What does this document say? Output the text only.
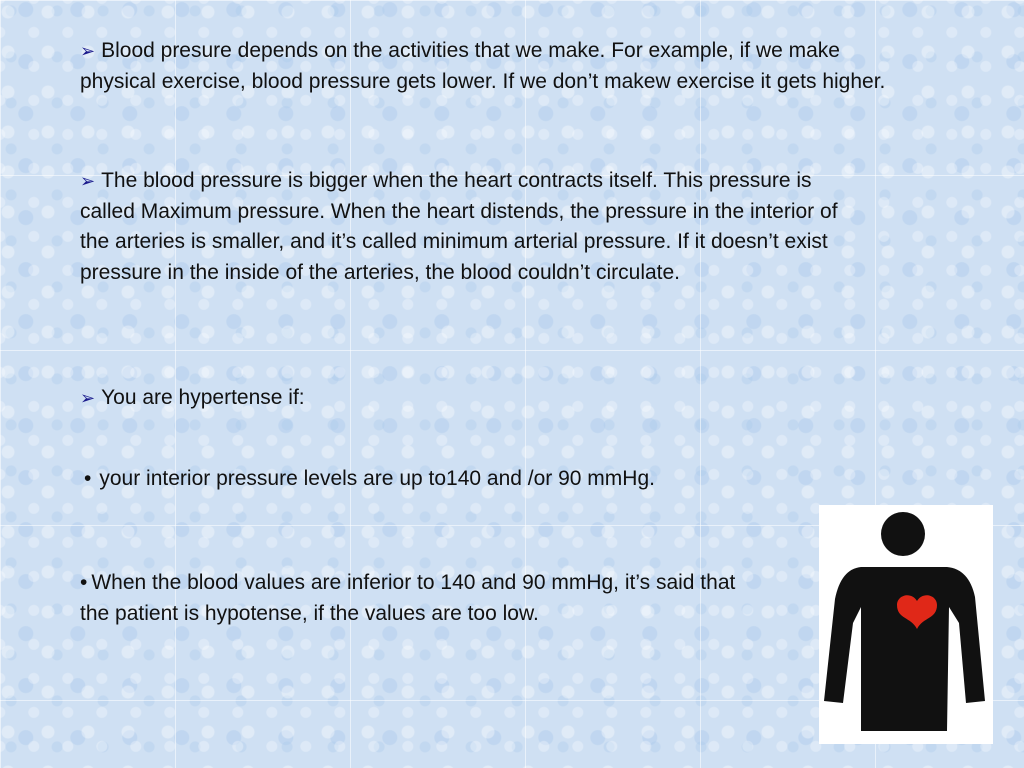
➢ Blood presure depends on the activities that we make. For example, if we make physical exercise, blood pressure gets lower. If we don’t makew exercise it gets higher.

➢ The blood pressure is bigger when the heart contracts itself. This pressure is called Maximum pressure. When the heart distends, the pressure in the interior of the arteries is smaller, and it’s called minimum arterial pressure. If it doesn’t exist pressure in the inside of the arteries, the blood couldn’t circulate.

➢ You are hypertense if:

• your interior pressure levels are up to140 and /or 90 mmHg.

• When the blood values are inferior to 140 and 90 mmHg, it’s said that the patient is hypotense, if the values are too low.
